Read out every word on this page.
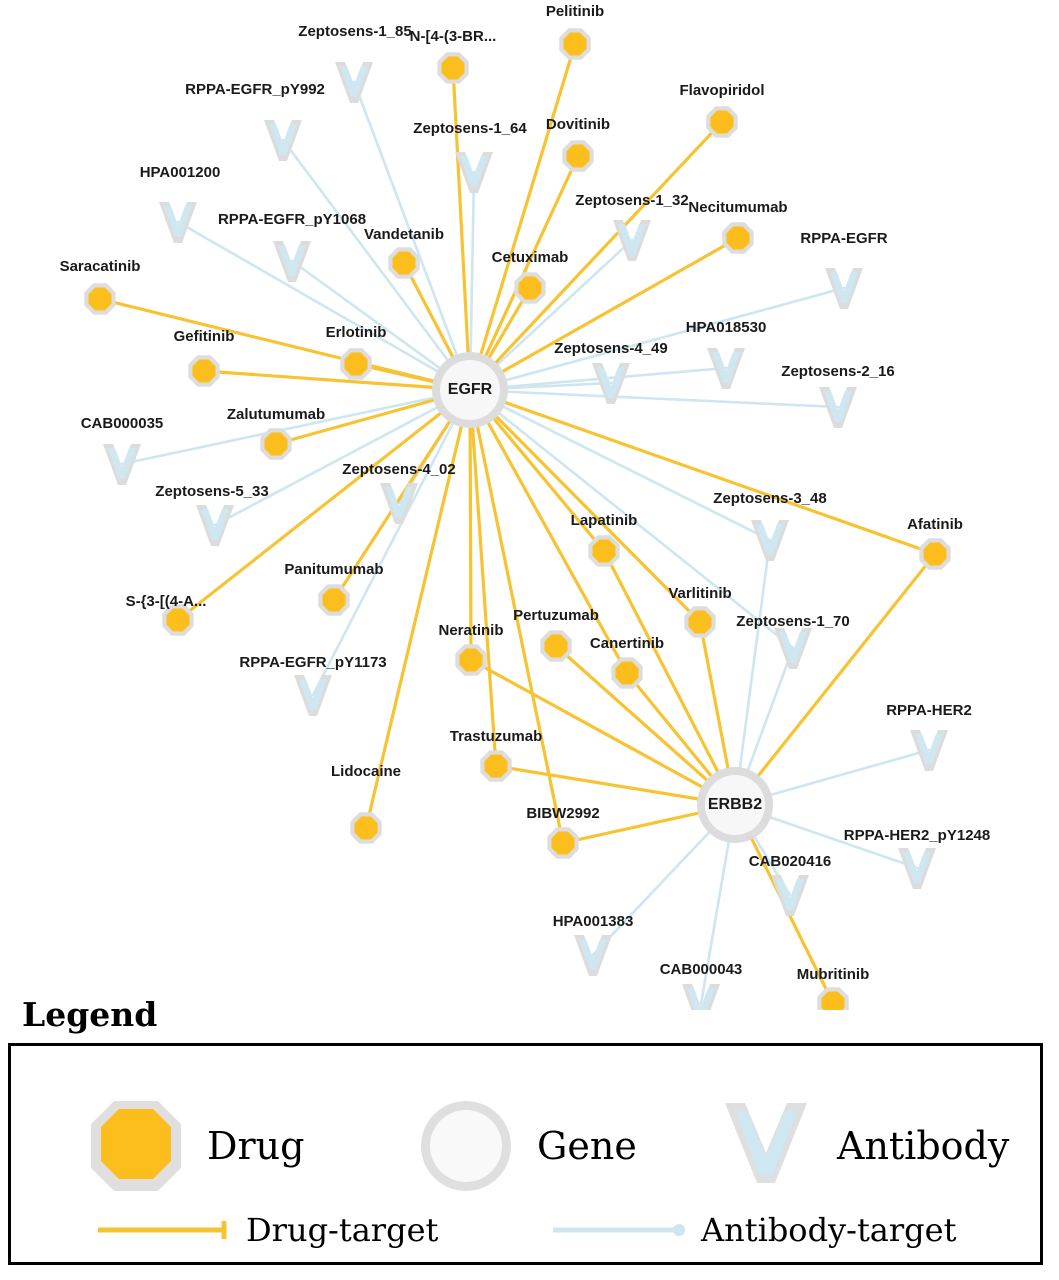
Pelitinib
N-[4-(3-BR...
Flavopiridol
Dovitinib
Necitumumab
Vandetanib
Cetuximab
Saracatinib
Erlotinib
Gefitinib
Zalutumumab
Lapatinib	Afatinib
Varlitinib
Panitumumab
S-{3-[(4-A...
Pertuzumab
Neratinib
Canertinib
Trastuzumab
Lidocaine
BIBW2992
Mubritinib
Zeptosens-1_85
RPPA-EGFR_pY992
Zeptosens-1_64
HPA001200
Zeptosens-1_32
RPPA-EGFR_pY1068
RPPA-EGFR
HPA018530
Zeptosens-4_49
Zeptosens-2_16
CAB000035
Zeptosens-4_02
Zeptosens-5_33	Zeptosens-3_48
Zeptosens-1_70
RPPA-EGFR_pY1173
RPPA-HER2
RPPA-HER2_pY1248
CAB020416
HPA001383
CAB000043
EGFR
ERBB2
Legend
Drug	Gene	Antibody
Drug-target	Antibody-target
